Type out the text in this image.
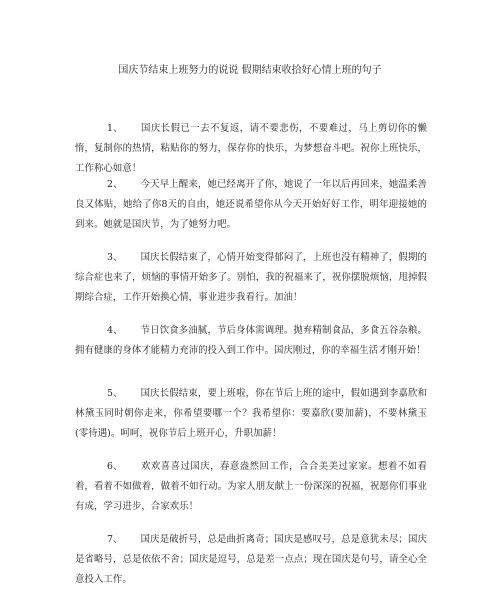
国庆节结束上班努力的说说 假期结束收拾好心情上班的句子
1、 国庆长假已一去不复返，请不要悲伤，不要难过，马上剪切你的懒惰，复制你的热情，粘贴你的努力，保存你的快乐，为梦想奋斗吧。祝你上班快乐，工作称心如意！
2、 今天早上醒来，她已经离开了你，她说了一年以后再回来，她温柔善良又体贴，她给了你8天的自由，她还说希望你从今天开始好好工作，明年迎接她的到来。她就是国庆节，为了她努力吧。
3、 国庆长假结束了，心情开始变得郁闷了，上班也没有精神了，假期的综合症也来了，烦恼的事情开始多了。别怕，我的祝福来了，祝你摆脱烦恼，甩掉假期综合症，工作开始换心情，事业进步我看行。加油！
4、 节日饮食多油腻，节后身体需调理。抛弃精制食品，多食五谷杂粮。拥有健康的身体才能精力充沛的投入到工作中。国庆刚过，你的幸福生活才刚开始！
5、 国庆长假结束，要上班啦，你在节后上班的途中，假如遇到李嘉欣和林黛玉同时朝你走来，你希望要哪一个？我希望你：要嘉欣(要加薪)，不要林黛玉(零待遇)。呵呵，祝你节后上班开心，升职加薪！
6、 欢欢喜喜过国庆，春意盎然回工作，合合美美过家家。想着不如看着，看着不如做着，做着不如行动。为家人朋友献上一份深深的祝福，祝愿你们事业有成，学习进步，合家欢乐！
7、 国庆是破折号，总是曲折离奇；国庆是感叹号，总是意犹未尽；国庆是省略号，总是依依不舍；国庆是逗号，总是差一点点；现在国庆是句号，请全心全意投入工作。
